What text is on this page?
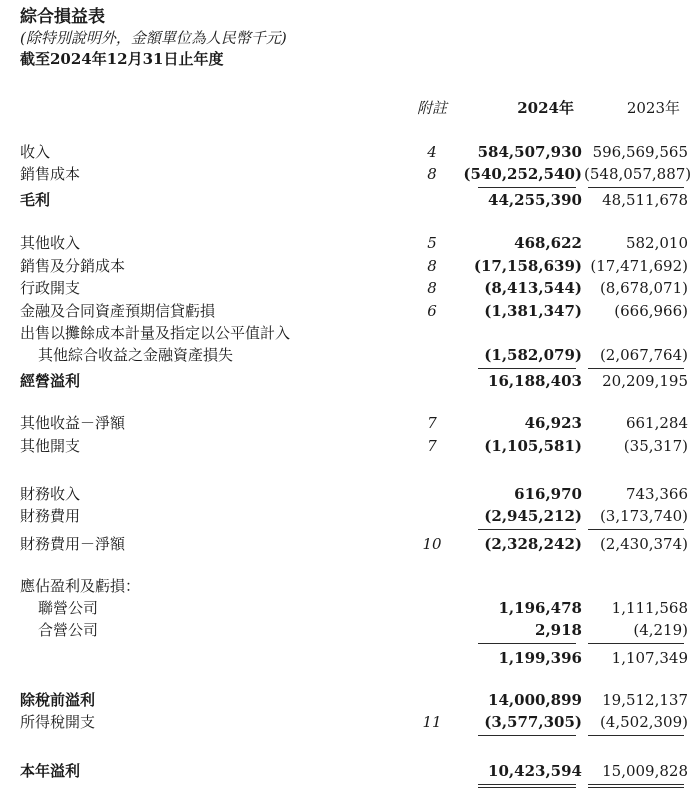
綜合損益表
(除特別說明外，金額單位為人民幣千元)
截至2024年12月31日止年度
附註	2024年	2023年
收入	4	584,507,930 596,569,565
銷售成本	8	(540,252,540) (548,057,887)
毛利	44,255,390	48,511,678
其他收入	5	468,622	582,010
銷售及分銷成本	8	(17,158,639) (17,471,692)
行政開支	8	(8,413,544)	(8,678,071)
金融及合同資產預期信貸虧損	6	(1,381,347)	(666,966)
出售以攤餘成本計量及指定以公平值計入
其他綜合收益之金融資產損失	(1,582,079)	(2,067,764)
經營溢利	16,188,403	20,209,195
其他收益－淨額	7	46,923	661,284
其他開支	7	(1,105,581)	(35,317)
財務收入	616,970	743,366
財務費用	(2,945,212)	(3,173,740)
財務費用－淨額	10	(2,328,242)	(2,430,374)
應佔盈利及虧損：
聯營公司	1,196,478	1,111,568
合營公司	2,918	(4,219)
1,199,396	1,107,349
除稅前溢利	14,000,899	19,512,137
所得稅開支	11	(3,577,305)	(4,502,309)
本年溢利	10,423,594	15,009,828
